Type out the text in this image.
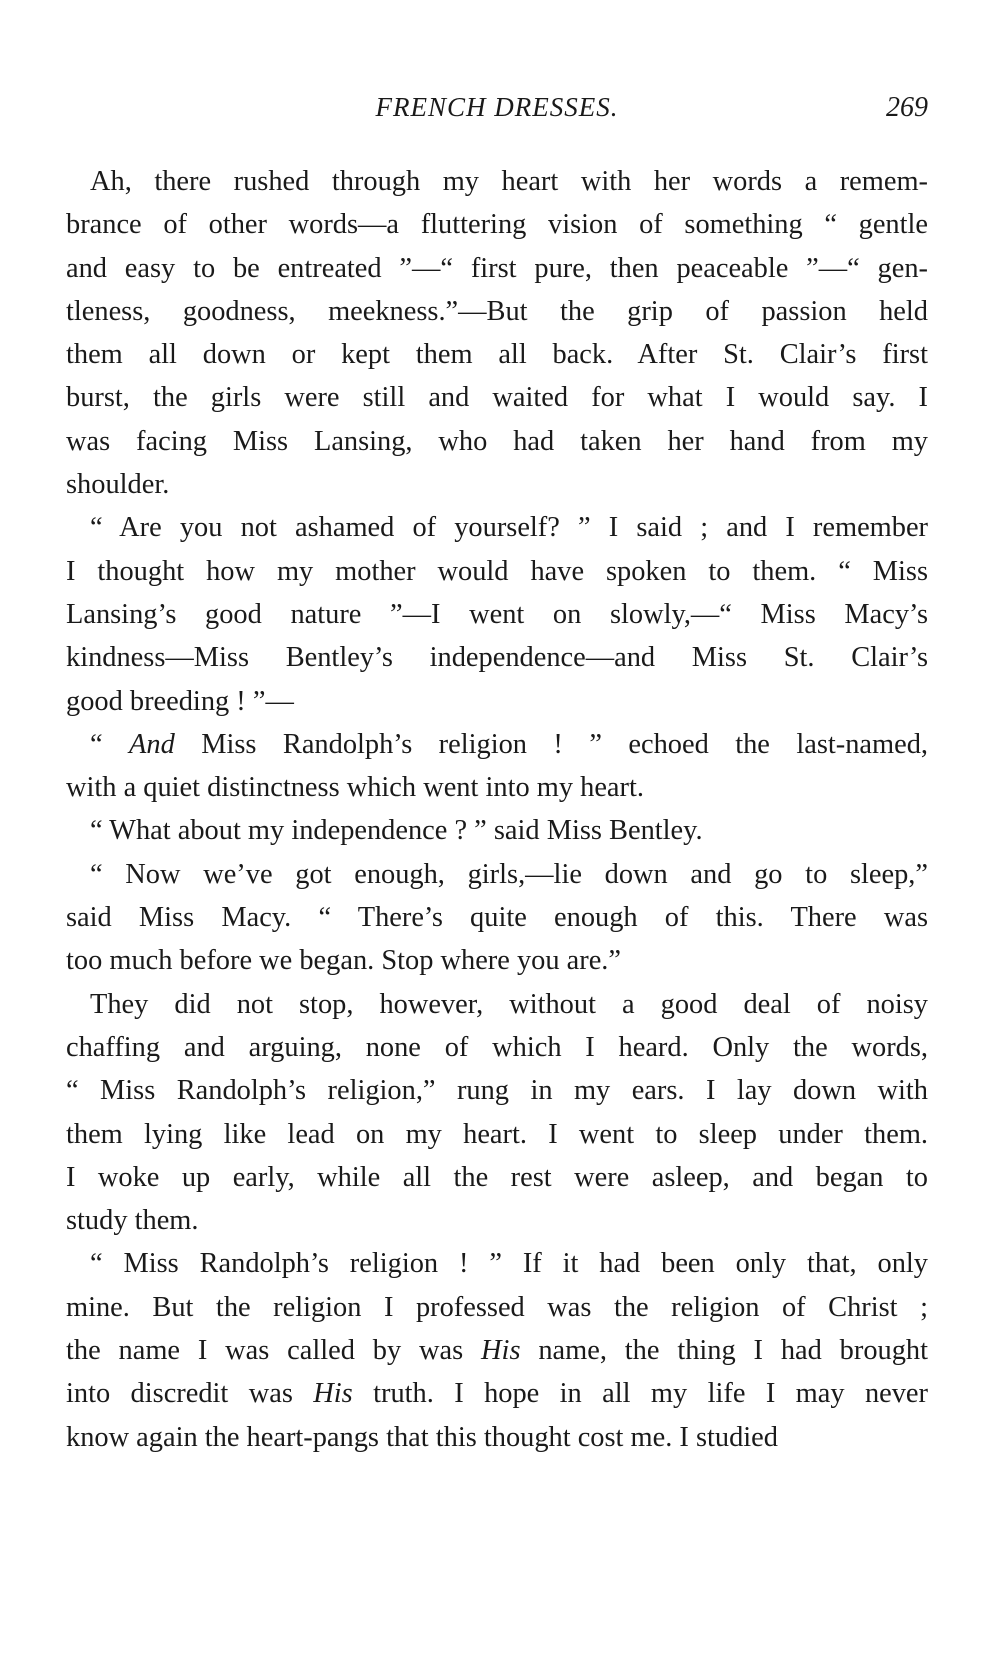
FRENCH DRESSES.	269
Ah, there rushed through my heart with her words a remem-
brance of other words—a fluttering vision of something “ gentle
and easy to be entreated ”—“ first pure, then peaceable ”—“ gen-
tleness, goodness, meekness.”—But the grip of passion held
them all down or kept them all back. After St. Clair’s first
burst, the girls were still and waited for what I would say. I
was facing Miss Lansing, who had taken her hand from my
shoulder.
“ Are you not ashamed of yourself? ” I said ; and I remember
I thought how my mother would have spoken to them. “ Miss
Lansing’s good nature ”—I went on slowly,—“ Miss Macy’s
kindness—Miss Bentley’s independence—and Miss St. Clair’s
good breeding ! ”—
“ And Miss Randolph’s religion ! ” echoed the last-named,
with a quiet distinctness which went into my heart.
“ What about my independence ? ” said Miss Bentley.
“ Now we’ve got enough, girls,—lie down and go to sleep,”
said Miss Macy. “ There’s quite enough of this. There was
too much before we began. Stop where you are.”
They did not stop, however, without a good deal of noisy
chaffing and arguing, none of which I heard. Only the words,
“ Miss Randolph’s religion,” rung in my ears. I lay down with
them lying like lead on my heart. I went to sleep under them.
I woke up early, while all the rest were asleep, and began to
study them.
“ Miss Randolph’s religion ! ” If it had been only that, only
mine. But the religion I professed was the religion of Christ ;
the name I was called by was His name, the thing I had brought
into discredit was His truth. I hope in all my life I may never
know again the heart-pangs that this thought cost me. I studied
